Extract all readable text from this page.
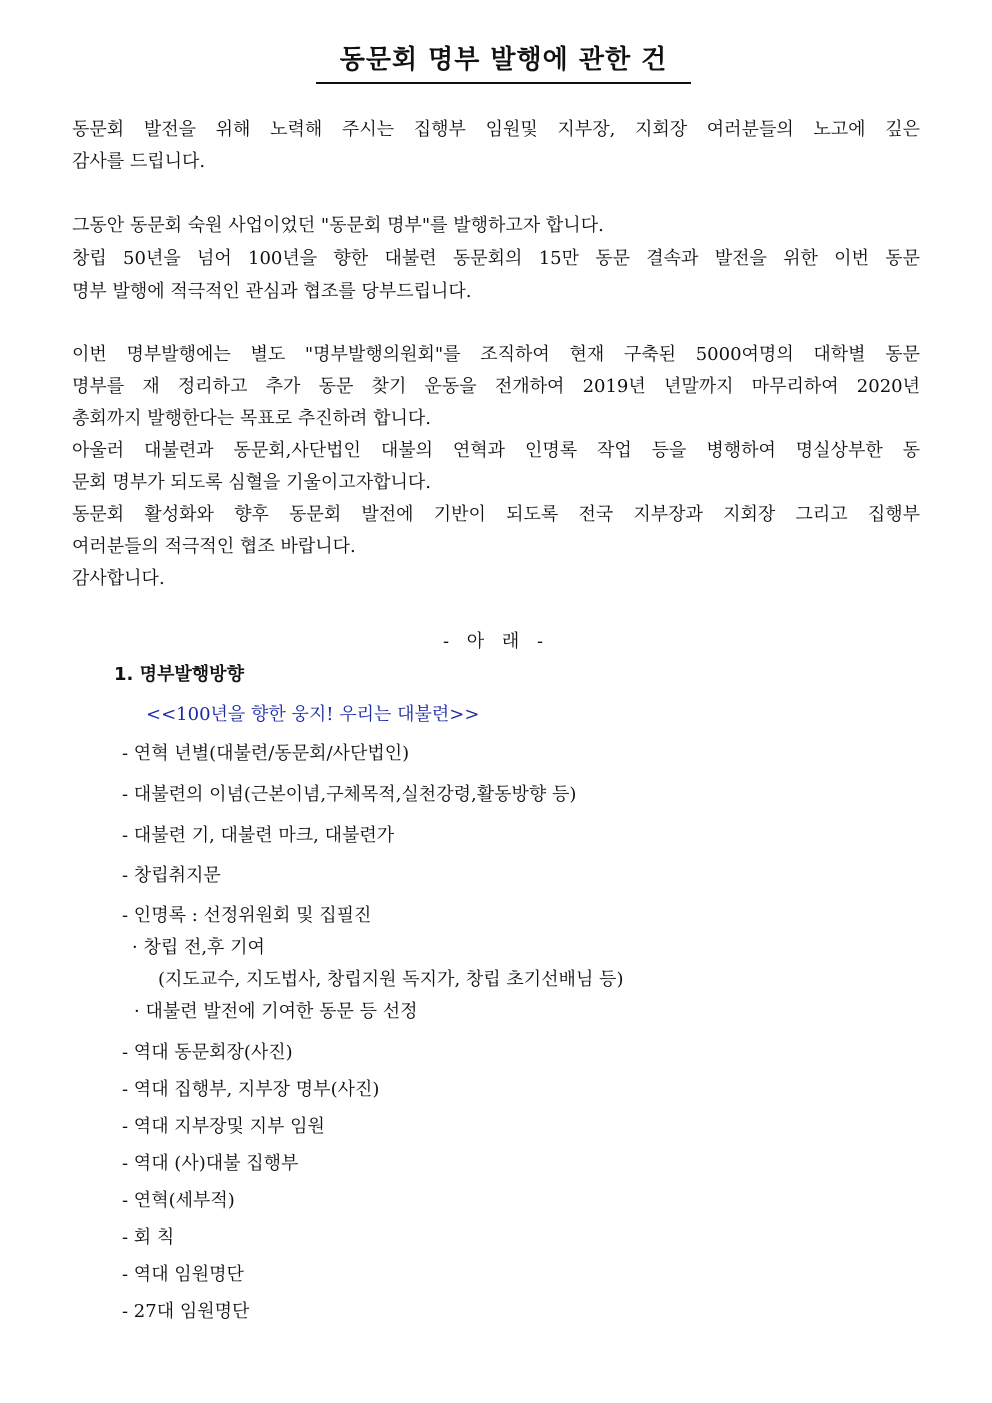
동문회 명부 발행에 관한 건
동문회 발전을 위해 노력해 주시는 집행부 임원및 지부장, 지회장 여러분들의 노고에 깊은
감사를 드립니다.
그동안 동문회 숙원 사업이었던 "동문회 명부"를 발행하고자 합니다.
창립 50년을 넘어 100년을 향한 대불련 동문회의 15만 동문 결속과 발전을 위한 이번 동문
명부 발행에 적극적인 관심과 협조를 당부드립니다.
이번 명부발행에는 별도 "명부발행의원회"를 조직하여 현재 구축된 5000여명의 대학별 동문
명부를 재 정리하고 추가 동문 찾기 운동을 전개하여 2019년 년말까지 마무리하여 2020년
총회까지 발행한다는 목표로 추진하려 합니다.
아울러 대불련과 동문회,사단법인 대불의 연혁과 인명록 작업 등을 병행하여 명실상부한 동
문회 명부가 되도록 심혈을 기울이고자합니다.
동문회 활성화와 향후 동문회 발전에 기반이 되도록 전국 지부장과 지회장 그리고 집행부
여러분들의 적극적인 협조 바랍니다.
감사합니다.
- 아 래 -
1. 명부발행방향
<<100년을 향한 웅지! 우리는 대불련>>
- 연혁 년별(대불련/동문회/사단법인)
- 대불련의 이념(근본이념,구체목적,실천강령,활동방향 등)
- 대불련 기, 대불련 마크, 대불련가
- 창립취지문
- 인명록 : 선정위원회 및 집필진
· 창립 전,후 기여
(지도교수, 지도법사, 창립지원 독지가, 창립 초기선배님 등)
· 대불련 발전에 기여한 동문 등 선정
- 역대 동문회장(사진)
- 역대 집행부, 지부장 명부(사진)
- 역대 지부장및 지부 임원
- 역대 (사)대불 집행부
- 연혁(세부적)
- 회 칙
- 역대 임원명단
- 27대 임원명단
